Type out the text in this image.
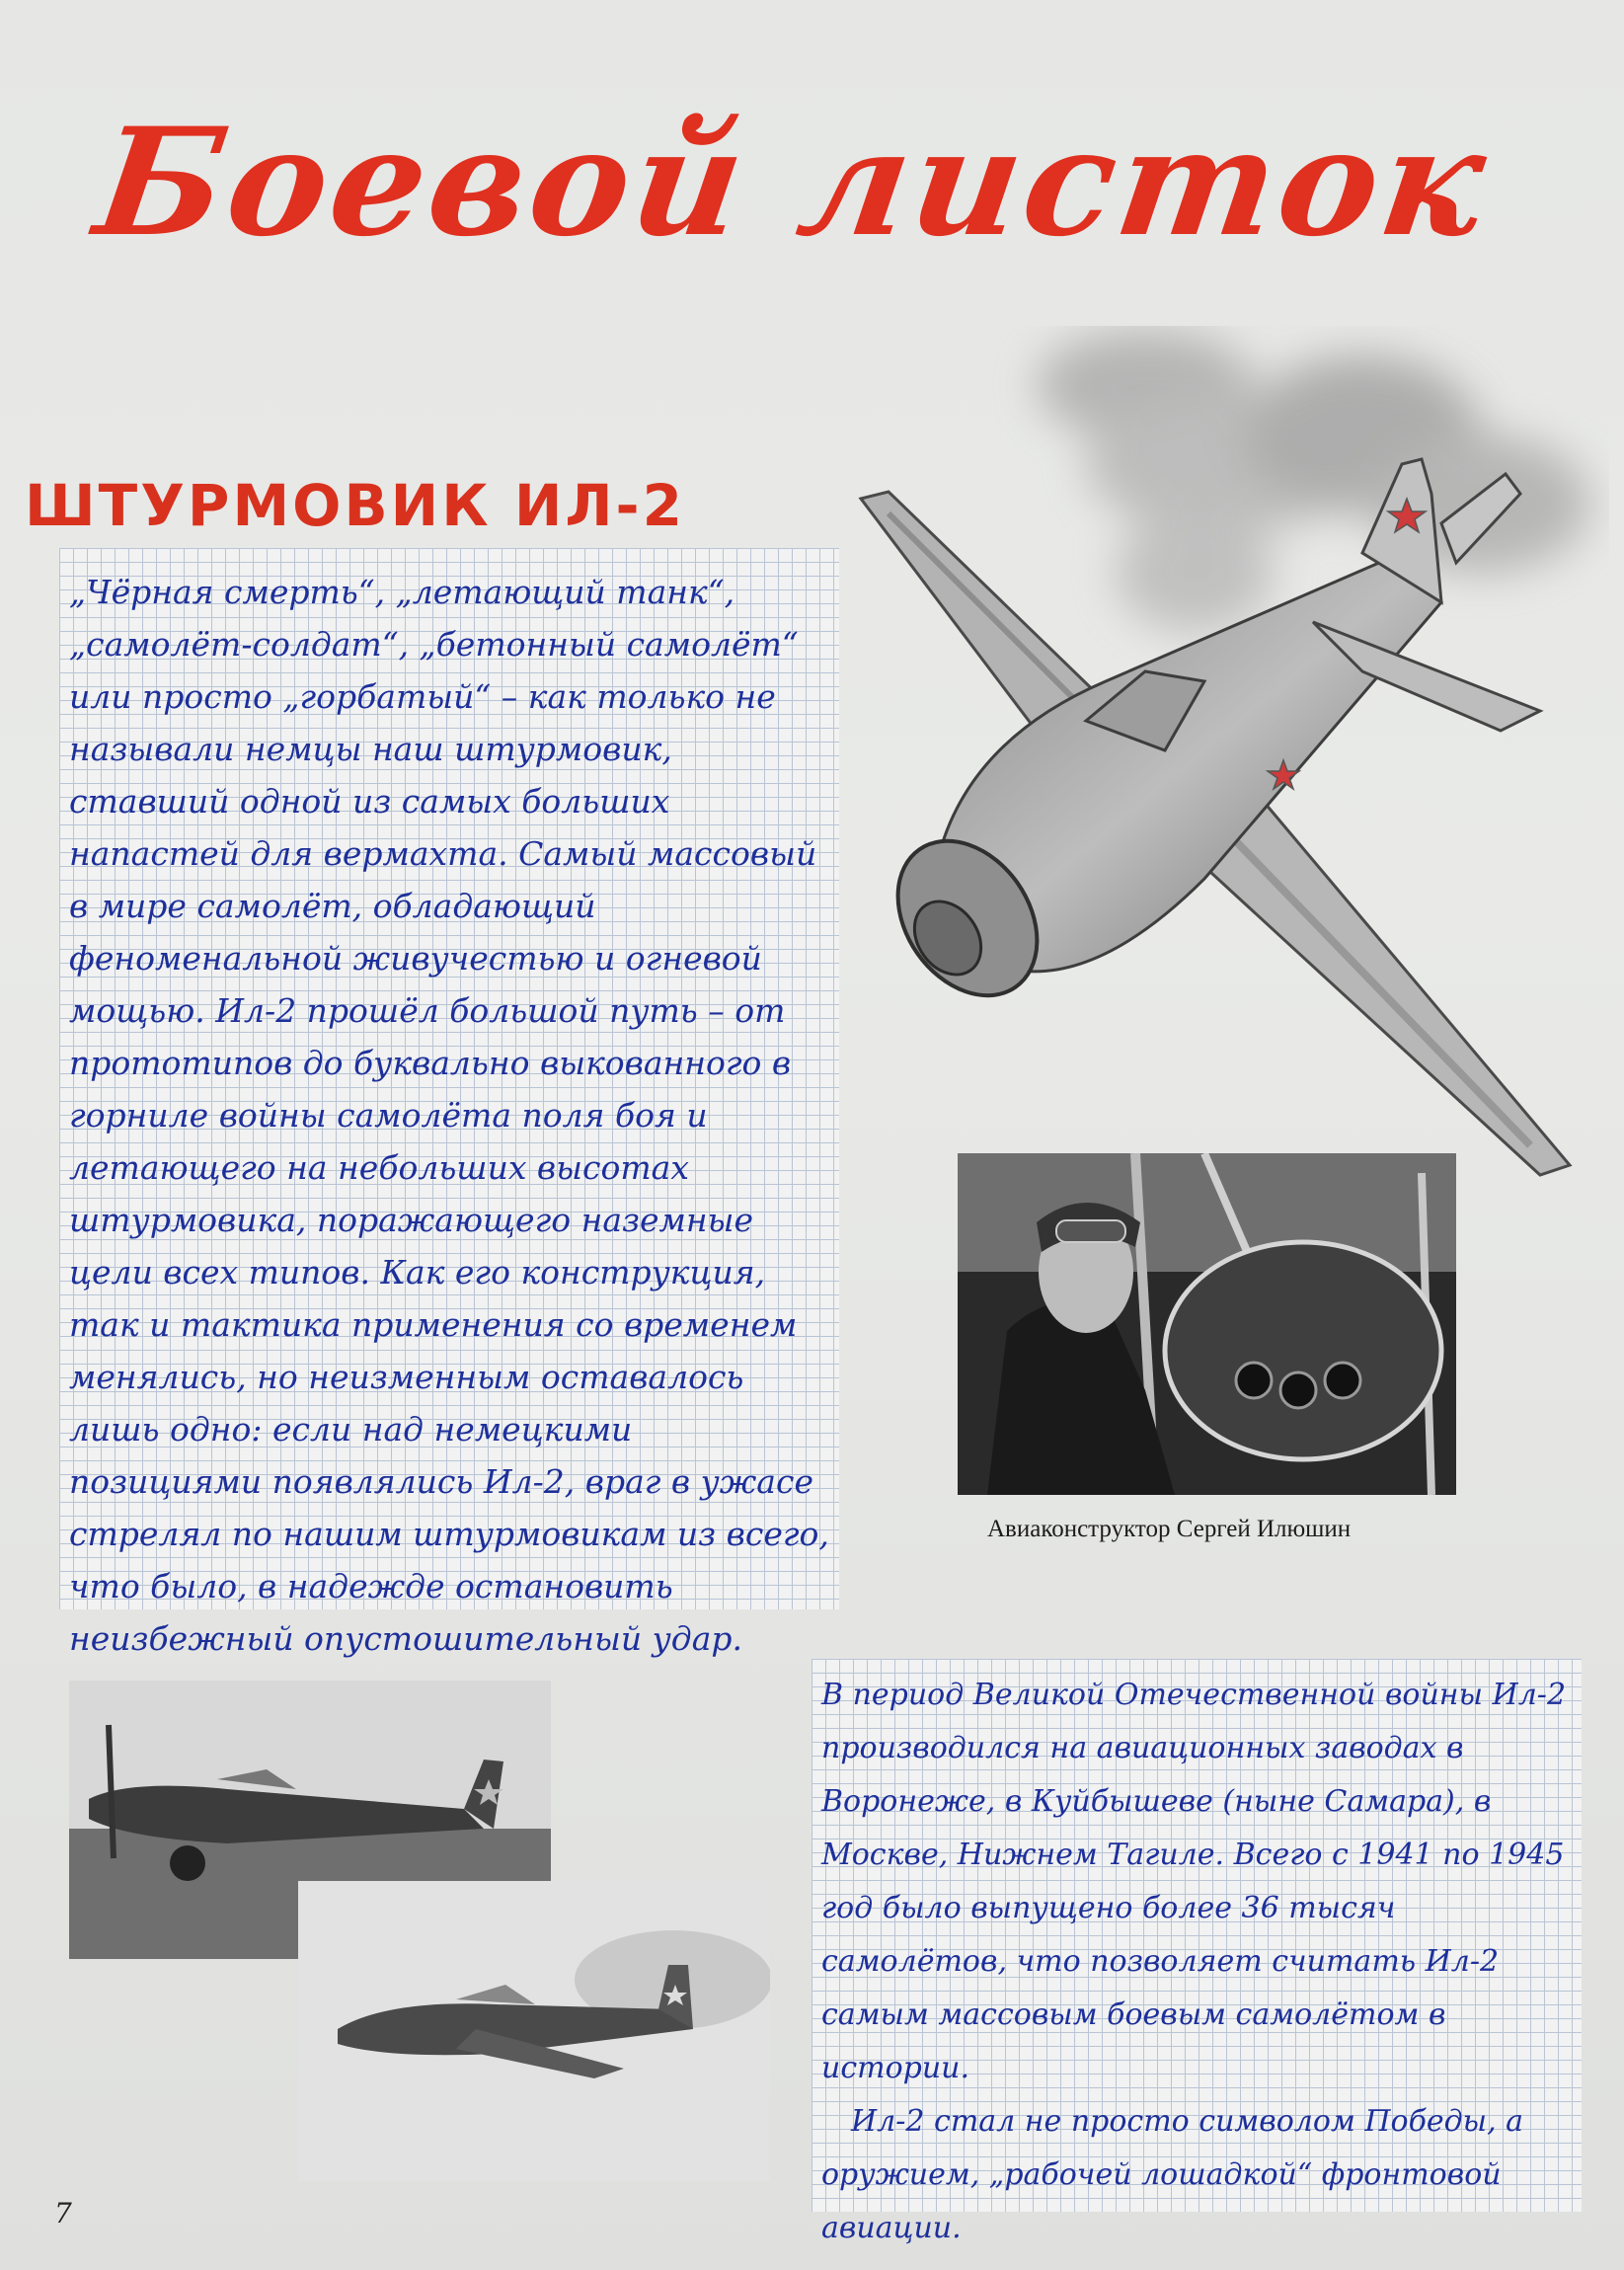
Боевой листок
ШТУРМОВИК ИЛ-2
„Чёрная смерть“, „летающий танк“, „самолёт-солдат“, „бетонный самолёт“ или просто „горбатый“ – как только не называли немцы наш штурмовик, ставший одной из самых больших напастей для вермахта. Самый массовый в мире самолёт, обладающий феноменальной живучестью и огневой мощью. Ил-2 прошёл большой путь – от прототипов до буквально выкованного в горниле войны самолёта поля боя и летающего на небольших высотах штурмовика, поражающего наземные цели всех типов. Как его конструкция, так и тактика применения со временем менялись, но неизменным оставалось лишь одно: если над немецкими позициями появлялись Ил-2, враг в ужасе стрелял по нашим штурмовикам из всего, что было, в надежде остановить неизбежный опустошительный удар.
Авиаконструктор Сергей Илюшин

В период Великой Отечественной войны Ил-2 производился на авиационных заводах в Воронеже, в Куйбышеве (ныне Самара), в Москве, Нижнем Тагиле. Всего с 1941 по 1945 год было выпущено более 36 тысяч самолётов, что позволяет считать Ил-2 самым массовым боевым самолётом в истории.

Ил-2 стал не просто символом Победы, а оружием, „рабочей лошадкой“ фронтовой авиации.

7
